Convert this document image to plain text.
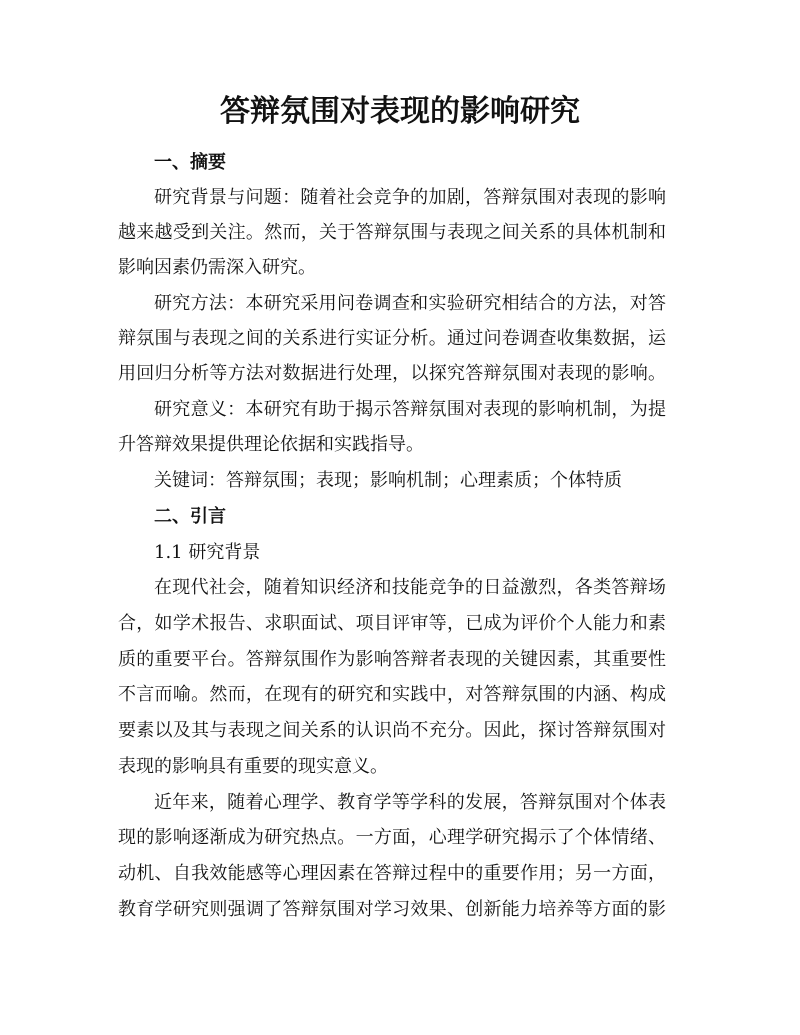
答辩氛围对表现的影响研究
一、摘要
研究背景与问题：随着社会竞争的加剧，答辩氛围对表现的影响
越来越受到关注。然而，关于答辩氛围与表现之间关系的具体机制和
影响因素仍需深入研究。
研究方法：本研究采用问卷调查和实验研究相结合的方法，对答
辩氛围与表现之间的关系进行实证分析。通过问卷调查收集数据，运
用回归分析等方法对数据进行处理，以探究答辩氛围对表现的影响。
研究意义：本研究有助于揭示答辩氛围对表现的影响机制，为提
升答辩效果提供理论依据和实践指导。
关键词：答辩氛围；表现；影响机制；心理素质；个体特质
二、引言
1.1 研究背景
在现代社会，随着知识经济和技能竞争的日益激烈，各类答辩场
合，如学术报告、求职面试、项目评审等，已成为评价个人能力和素
质的重要平台。答辩氛围作为影响答辩者表现的关键因素，其重要性
不言而喻。然而，在现有的研究和实践中，对答辩氛围的内涵、构成
要素以及其与表现之间关系的认识尚不充分。因此，探讨答辩氛围对
表现的影响具有重要的现实意义。
近年来，随着心理学、教育学等学科的发展，答辩氛围对个体表
现的影响逐渐成为研究热点。一方面，心理学研究揭示了个体情绪、
动机、自我效能感等心理因素在答辩过程中的重要作用；另一方面，
教育学研究则强调了答辩氛围对学习效果、创新能力培养等方面的影
